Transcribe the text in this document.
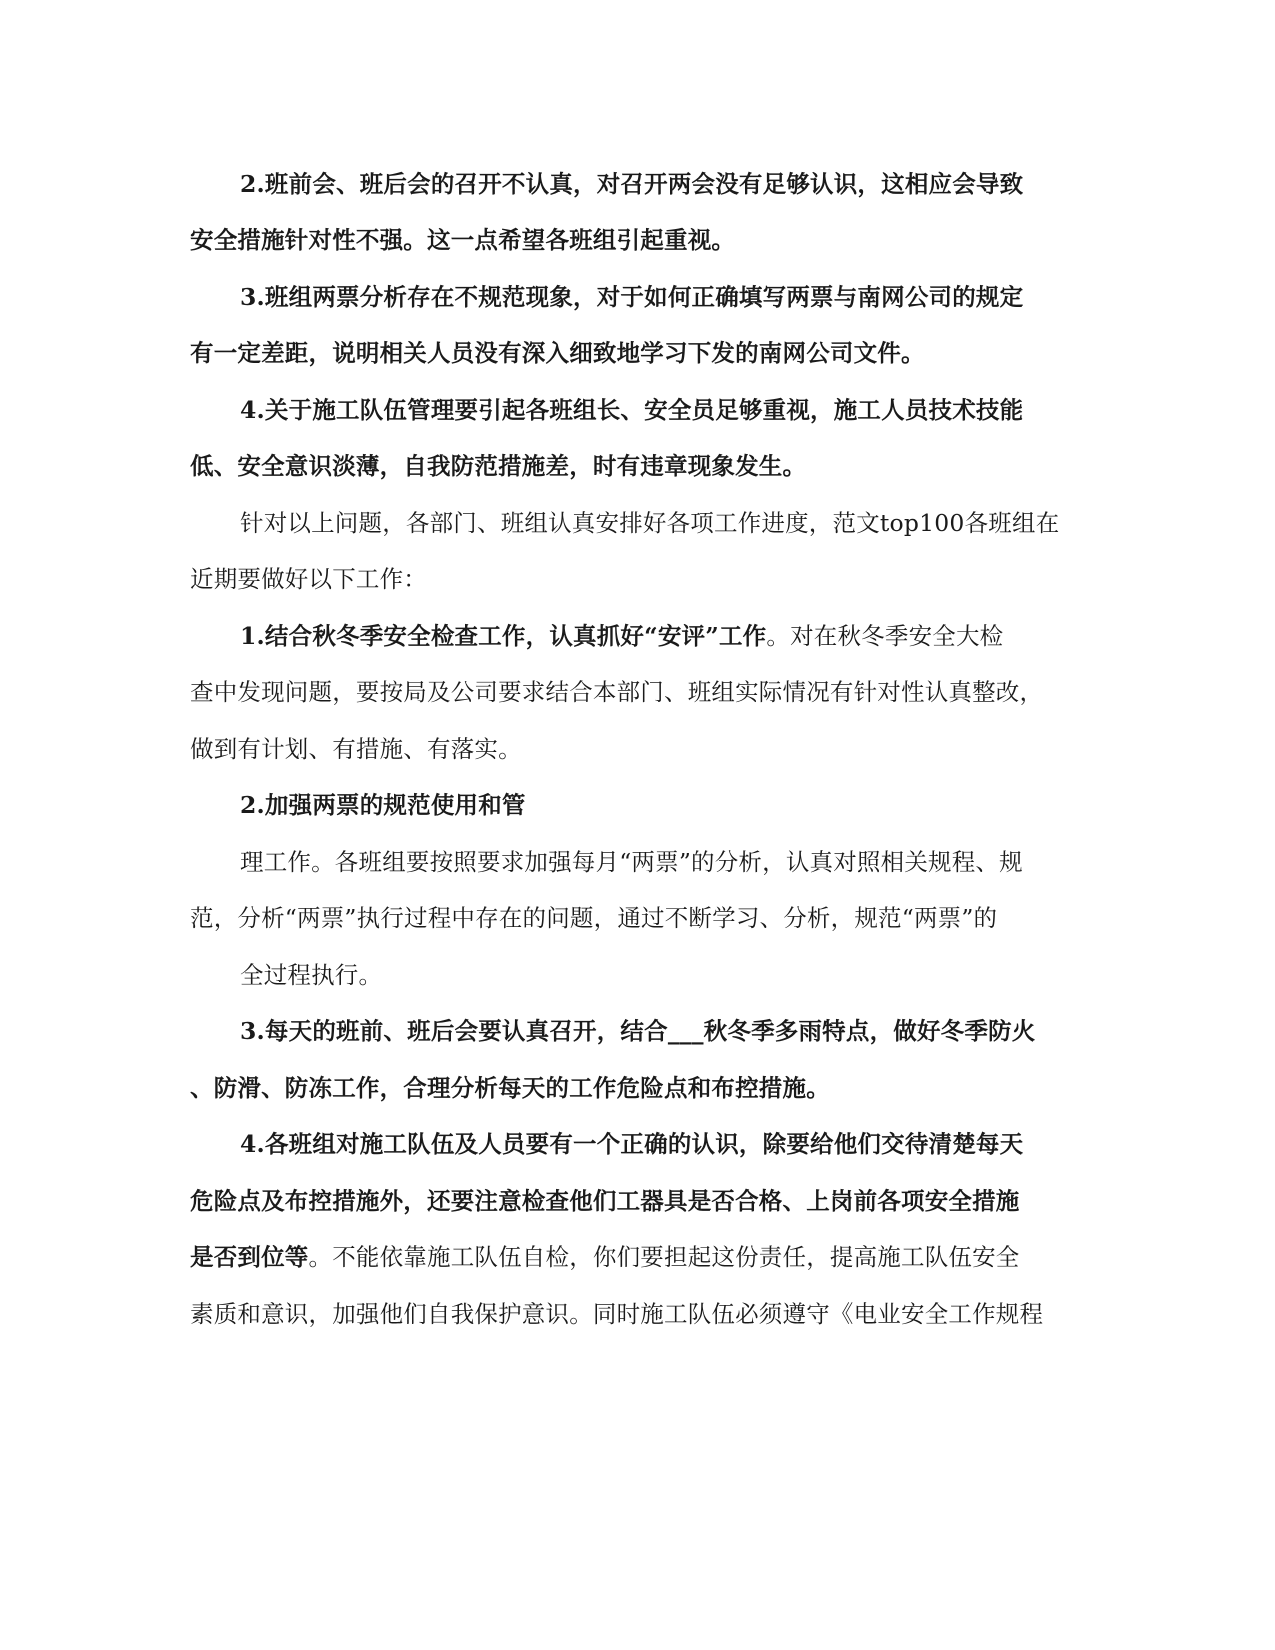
2.班前会、班后会的召开不认真，对召开两会没有足够认识，这相应会导致
安全措施针对性不强。这一点希望各班组引起重视。
3.班组两票分析存在不规范现象，对于如何正确填写两票与南网公司的规定
有一定差距，说明相关人员没有深入细致地学习下发的南网公司文件。
4.关于施工队伍管理要引起各班组长、安全员足够重视，施工人员技术技能
低、安全意识淡薄，自我防范措施差，时有违章现象发生。
针对以上问题，各部门、班组认真安排好各项工作进度，范文top100各班组在
近期要做好以下工作：
1.结合秋冬季安全检查工作，认真抓好“安评”工作。对在秋冬季安全大检
查中发现问题，要按局及公司要求结合本部门、班组实际情况有针对性认真整改，
做到有计划、有措施、有落实。
2.加强两票的规范使用和管
理工作。各班组要按照要求加强每月“两票”的分析，认真对照相关规程、规
范，分析“两票”执行过程中存在的问题，通过不断学习、分析，规范“两票”的
全过程执行。
3.每天的班前、班后会要认真召开，结合___秋冬季多雨特点，做好冬季防火
、防滑、防冻工作，合理分析每天的工作危险点和布控措施。
4.各班组对施工队伍及人员要有一个正确的认识，除要给他们交待清楚每天
危险点及布控措施外，还要注意检查他们工器具是否合格、上岗前各项安全措施
是否到位等。不能依靠施工队伍自检，你们要担起这份责任，提高施工队伍安全
素质和意识，加强他们自我保护意识。同时施工队伍必须遵守《电业安全工作规程
